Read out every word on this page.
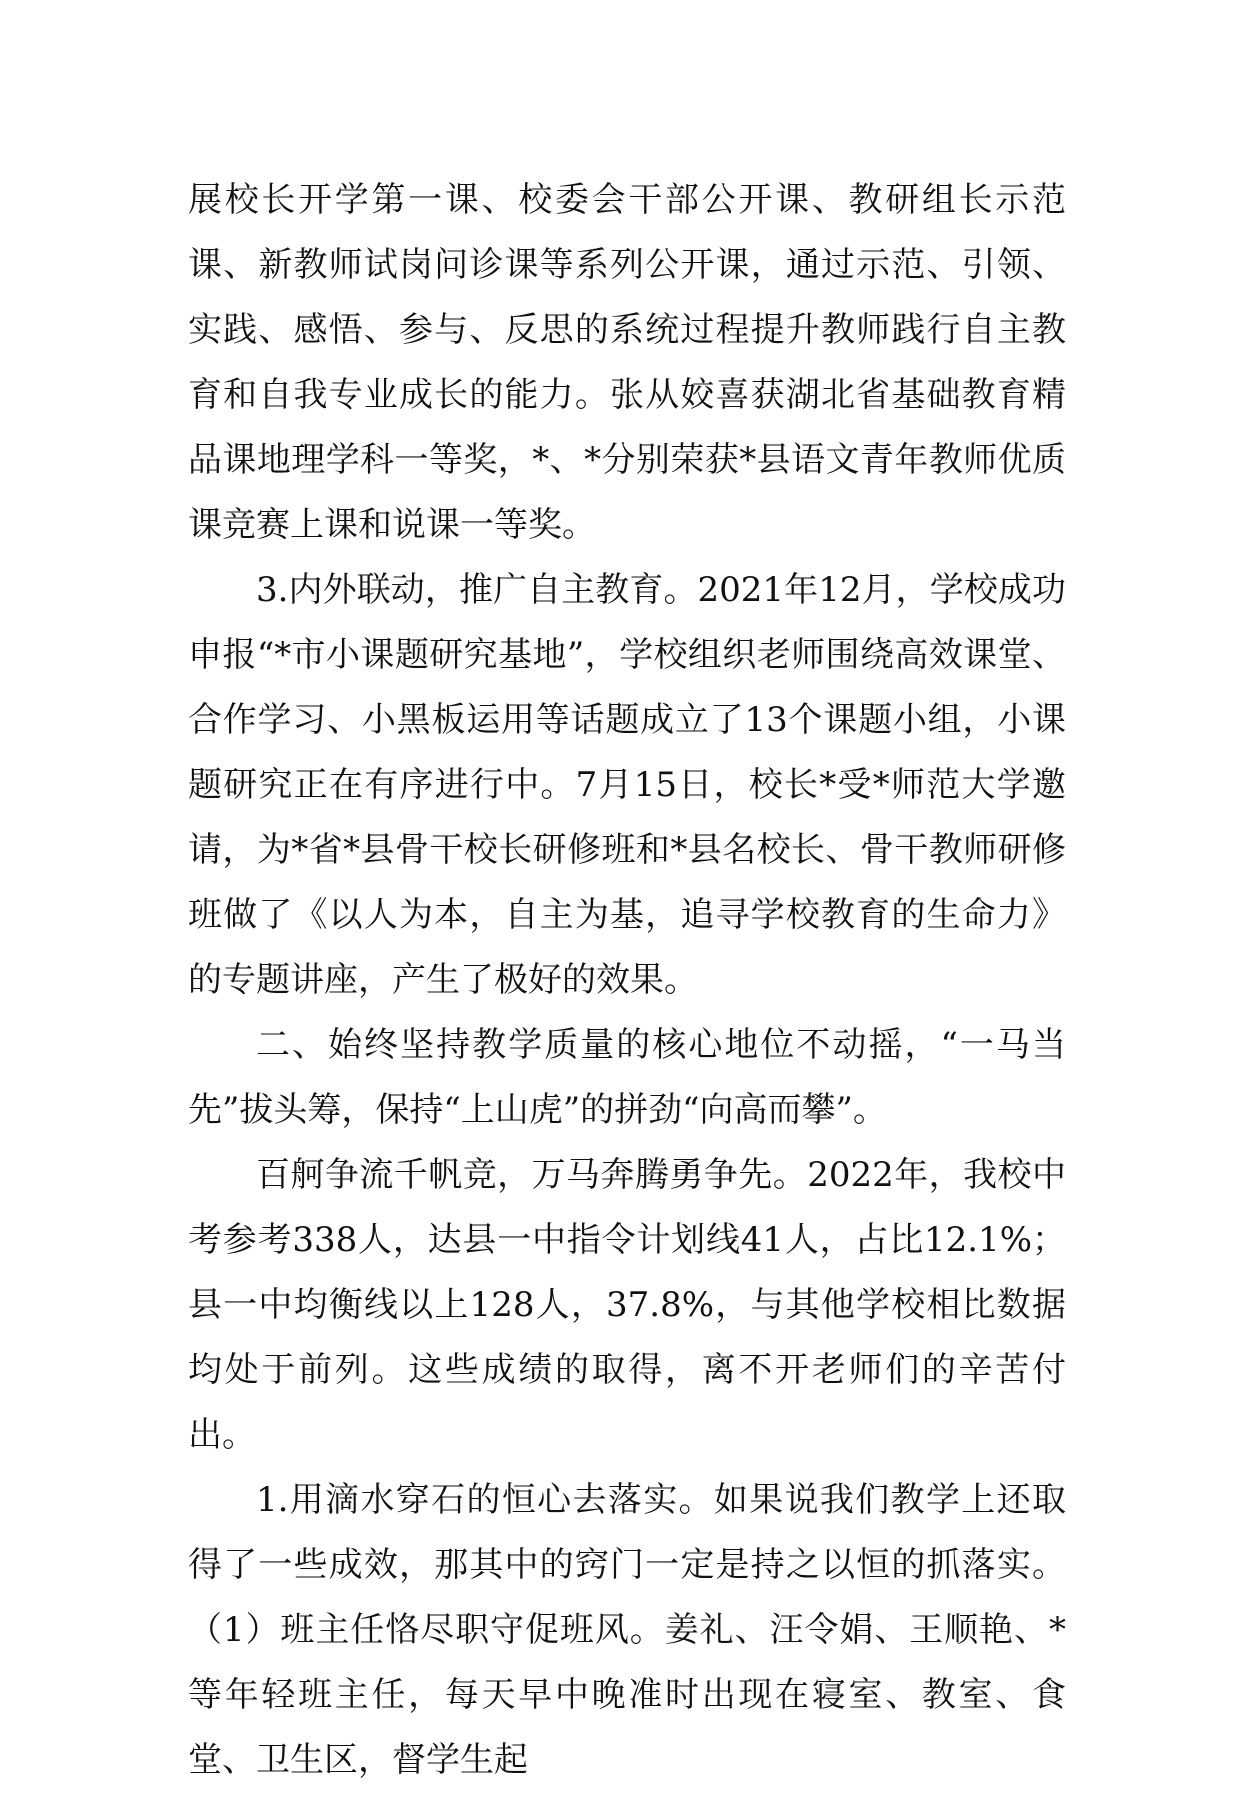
展校长开学第一课、校委会干部公开课、教研组长示范课、新教师试岗问诊课等系列公开课，通过示范、引领、实践、感悟、参与、反思的系统过程提升教师践行自主教育和自我专业成长的能力。张从姣喜获湖北省基础教育精品课地理学科一等奖，*、*分别荣获*县语文青年教师优质课竞赛上课和说课一等奖。

3.内外联动，推广自主教育。2021年12月，学校成功申报“*市小课题研究基地”，学校组织老师围绕高效课堂、合作学习、小黑板运用等话题成立了13个课题小组，小课题研究正在有序进行中。7月15日，校长*受*师范大学邀请，为*省*县骨干校长研修班和*县名校长、骨干教师研修班做了《以人为本，自主为基，追寻学校教育的生命力》的专题讲座，产生了极好的效果。

二、始终坚持教学质量的核心地位不动摇，“一马当先”拔头筹，保持“上山虎”的拼劲“向高而攀”。

百舸争流千帆竞，万马奔腾勇争先。2022年，我校中考参考338人，达县一中指令计划线41人，占比12.1%；县一中均衡线以上128人，37.8%，与其他学校相比数据均处于前列。这些成绩的取得，离不开老师们的辛苦付出。

1.用滴水穿石的恒心去落实。如果说我们教学上还取得了一些成效，那其中的窍门一定是持之以恒的抓落实。（1）班主任恪尽职守促班风。姜礼、汪令娟、王顺艳、*等年轻班主任，每天早中晚准时出现在寝室、教室、食堂、卫生区，督学生起
